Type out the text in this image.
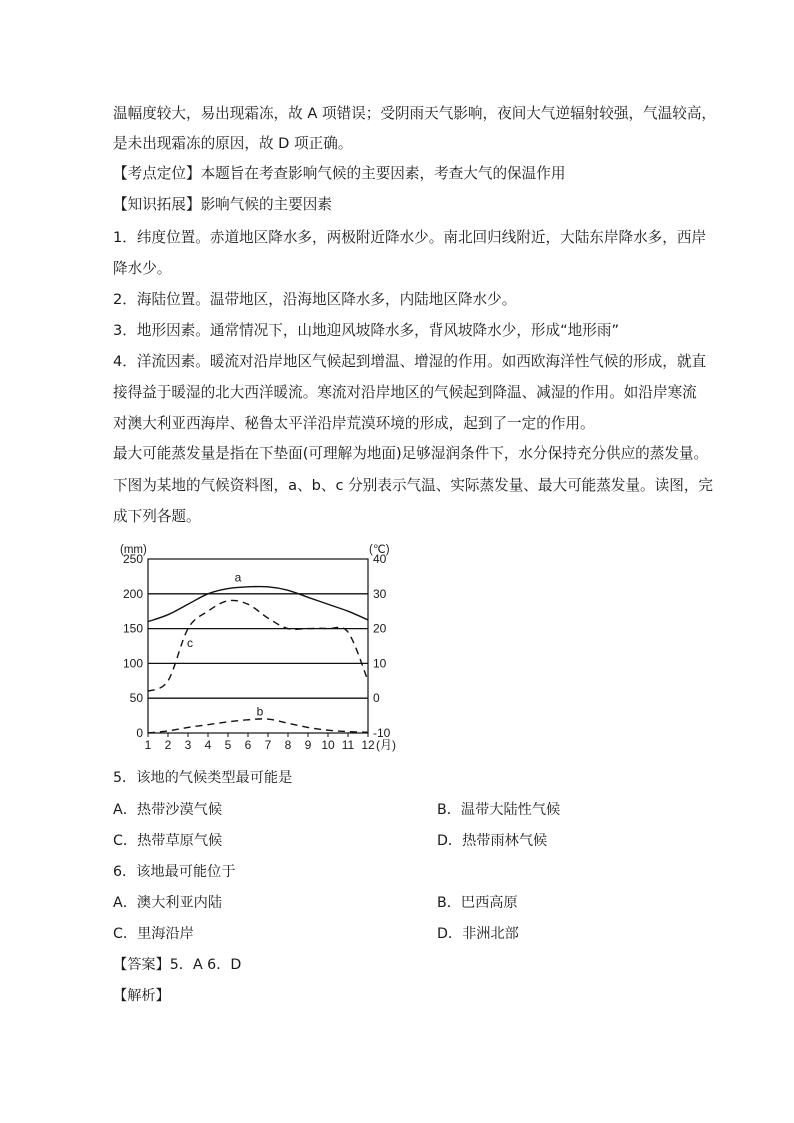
温幅度较大，易出现霜冻，故 A 项错误；受阴雨天气影响，夜间大气逆辐射较强，气温较高，
是未出现霜冻的原因，故 D 项正确。
【考点定位】本题旨在考查影响气候的主要因素，考查大气的保温作用
【知识拓展】影响气候的主要因素
1．纬度位置。赤道地区降水多，两极附近降水少。南北回归线附近，大陆东岸降水多，西岸
降水少。
2．海陆位置。温带地区，沿海地区降水多，内陆地区降水少。
3．地形因素。通常情况下，山地迎风坡降水多，背风坡降水少，形成“地形雨”
4．洋流因素。暖流对沿岸地区气候起到增温、增湿的作用。如西欧海洋性气候的形成，就直
接得益于暖湿的北大西洋暖流。寒流对沿岸地区的气候起到降温、减湿的作用。如沿岸寒流
对澳大利亚西海岸、秘鲁太平洋沿岸荒漠环境的形成，起到了一定的作用。
最大可能蒸发量是指在下垫面(可理解为地面)足够湿润条件下，水分保持充分供应的蒸发量。
下图为某地的气候资料图，a、b、c 分别表示气温、实际蒸发量、最大可能蒸发量。读图，完
成下列各题。
0
50
100
150
200
250
-10
0
10
20
30
40
1 2 3 4 5 6 7 8 9 10 11 12 (月)
(mm)	(℃)
a
b
c
5．该地的气候类型最可能是
A．热带沙漠气候	B．温带大陆性气候
C．热带草原气候	D．热带雨林气候
6．该地最可能位于
A．澳大利亚内陆	B．巴西高原
C．里海沿岸	D．非洲北部
【答案】5．A 6．D
【解析】
